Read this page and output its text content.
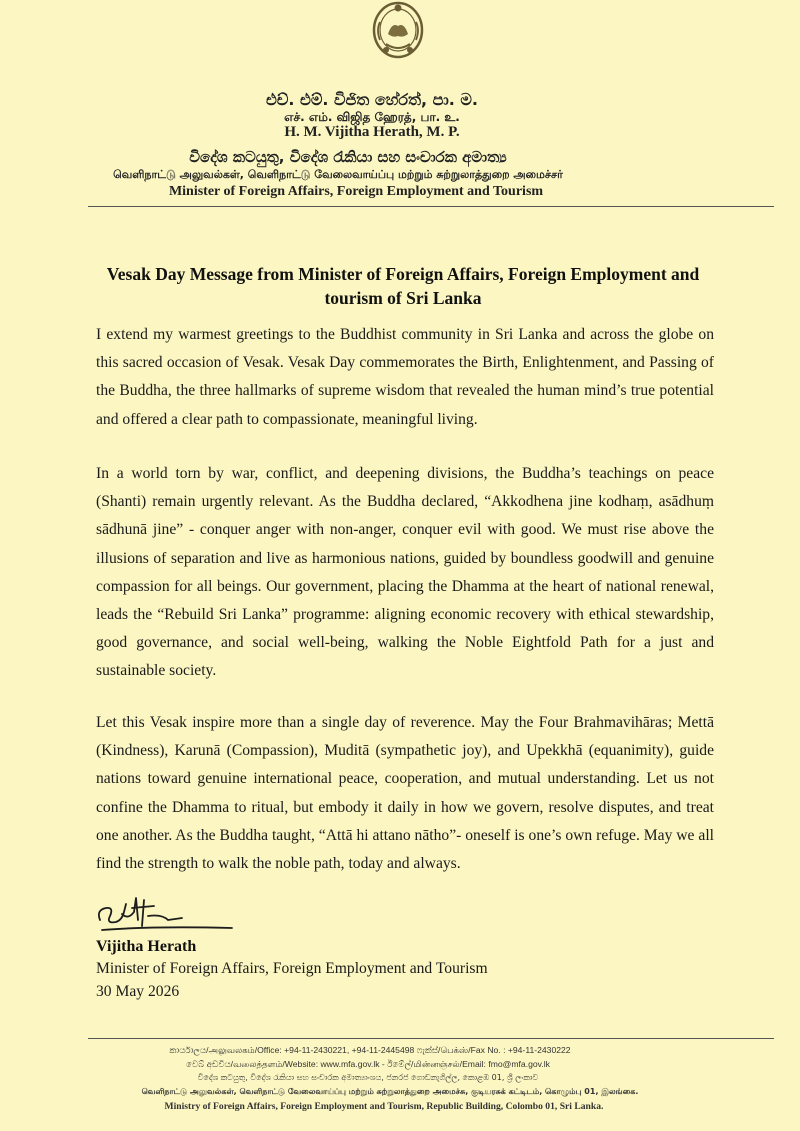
එච්. එම්. විජිත හේරත්, පා. ම.
எச். எம். விஜித ஹேரத், பா. உ.
H. M. Vijitha Herath, M. P.
විදේශ කටයුතු, විදේශ රැකියා සහ සංචාරක අමාත්‍ය
வெளிநாட்டு அலுவல்கள், வெளிநாட்டு வேலைவாய்ப்பு மற்றும் சுற்றுலாத்துறை அமைச்சர்
Minister of Foreign Affairs, Foreign Employment and Tourism
Vesak Day Message from Minister of Foreign Affairs, Foreign Employment and tourism of Sri Lanka
I extend my warmest greetings to the Buddhist community in Sri Lanka and across the globe on this sacred occasion of Vesak. Vesak Day commemorates the Birth, Enlightenment, and Passing of the Buddha, the three hallmarks of supreme wisdom that revealed the human mind’s true potential and offered a clear path to compassionate, meaningful living.
In a world torn by war, conflict, and deepening divisions, the Buddha’s teachings on peace (Shanti) remain urgently relevant. As the Buddha declared, “Akkodhena jine kodhaṃ, asādhuṃ sādhunā jine” - conquer anger with non-anger, conquer evil with good. We must rise above the illusions of separation and live as harmonious nations, guided by boundless goodwill and genuine compassion for all beings. Our government, placing the Dhamma at the heart of national renewal, leads the “Rebuild Sri Lanka” programme: aligning economic recovery with ethical stewardship, good governance, and social well-being, walking the Noble Eightfold Path for a just and sustainable society.
Let this Vesak inspire more than a single day of reverence. May the Four Brahmavihāras; Mettā (Kindness), Karunā (Compassion), Muditā (sympathetic joy), and Upekkhā (equanimity), guide nations toward genuine international peace, cooperation, and mutual understanding. Let us not confine the Dhamma to ritual, but embody it daily in how we govern, resolve disputes, and treat one another. As the Buddha taught, “Attā hi attano nātho”- oneself is one’s own refuge. May we all find the strength to walk the noble path, today and always.
Vijitha Herath
Minister of Foreign Affairs, Foreign Employment and Tourism
30 May 2026
කාර්යාලය/அலுவலகம்/Office: +94-11-2430221, +94-11-2445498 ෆැක්ස්/பெக்ஸ்/Fax No. : +94-11-2430222
වෙබ් අඩවිය/வலைத்தளம்/Website: www.mfa.gov.lk - ඊමේල්/மின்னஞ்சல்/Email: fmo@mfa.gov.lk
විදේශ කටයුතු, විදේශ රැකියා සහ සංචාරක අමාත්‍යාංශය, ජනරජ ගොඩනැගිල්ල, කොළඹ 01, ශ්‍රී ලංකාව
வெளிநாட்டு அலுவல்கள், வெளிநாட்டு வேலைவாய்ப்பு மற்றும் சுற்றுலாத்துறை அமைச்சு, குடியரசுக் கட்டிடம், கொழும்பு 01, இலங்கை.
Ministry of Foreign Affairs, Foreign Employment and Tourism, Republic Building, Colombo 01, Sri Lanka.
